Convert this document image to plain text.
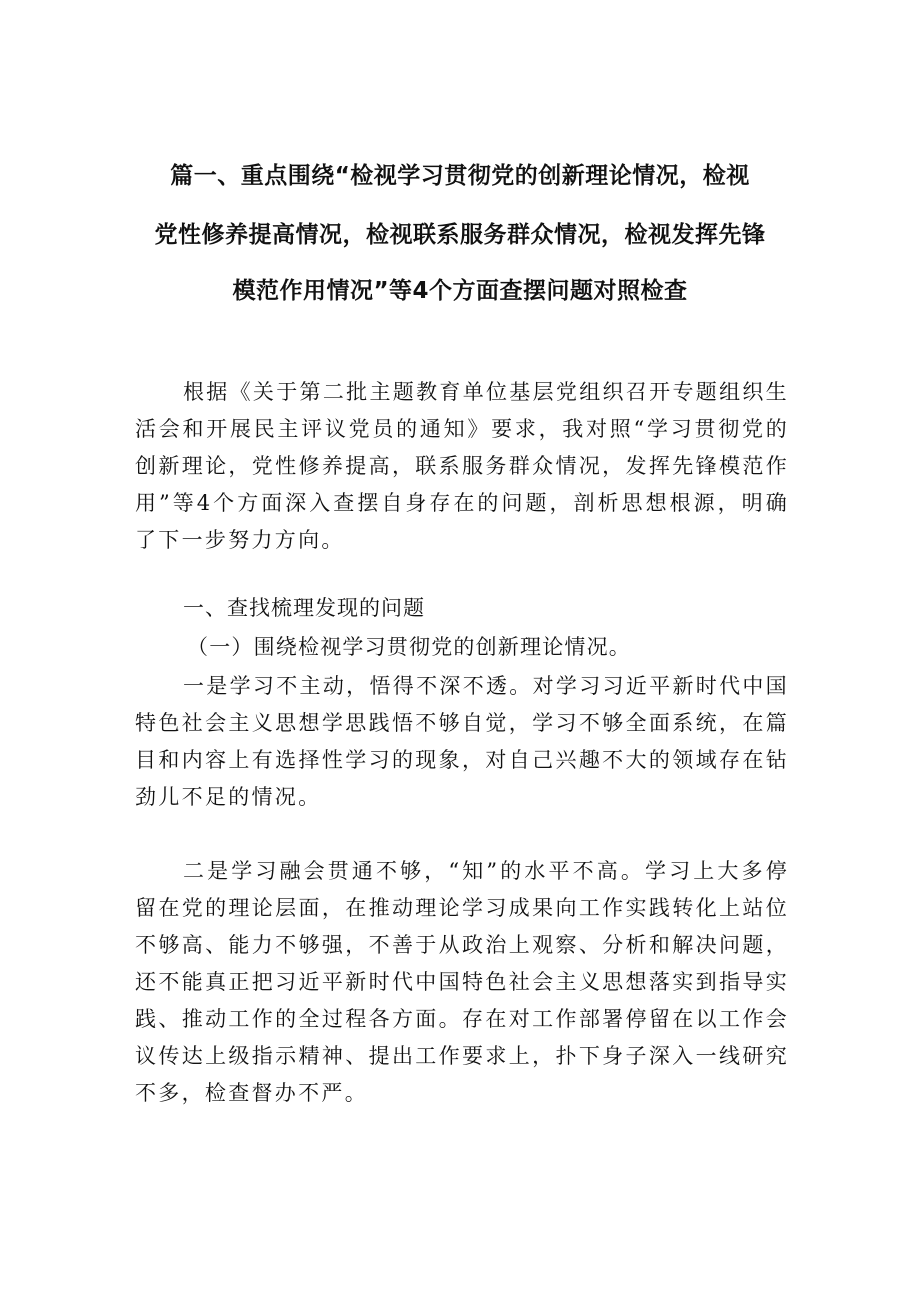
篇一、重点围绕“检视学习贯彻党的创新理论情况，检视
党性修养提高情况，检视联系服务群众情况，检视发挥先锋
模范作用情况”等4个方面查摆问题对照检查
根据《关于第二批主题教育单位基层党组织召开专题组织生活会和开展民主评议党员的通知》要求，我对照“学习贯彻党的创新理论，党性修养提高，联系服务群众情况，发挥先锋模范作用”等4个方面深入查摆自身存在的问题，剖析思想根源，明确了下一步努力方向。
一、查找梳理发现的问题
（一）围绕检视学习贯彻党的创新理论情况。
一是学习不主动，悟得不深不透。对学习习近平新时代中国特色社会主义思想学思践悟不够自觉，学习不够全面系统，在篇目和内容上有选择性学习的现象，对自己兴趣不大的领域存在钻劲儿不足的情况。
二是学习融会贯通不够，“知”的水平不高。学习上大多停留在党的理论层面，在推动理论学习成果向工作实践转化上站位不够高、能力不够强，不善于从政治上观察、分析和解决问题，还不能真正把习近平新时代中国特色社会主义思想落实到指导实践、推动工作的全过程各方面。存在对工作部署停留在以工作会议传达上级指示精神、提出工作要求上，扑下身子深入一线研究不多，检查督办不严。
